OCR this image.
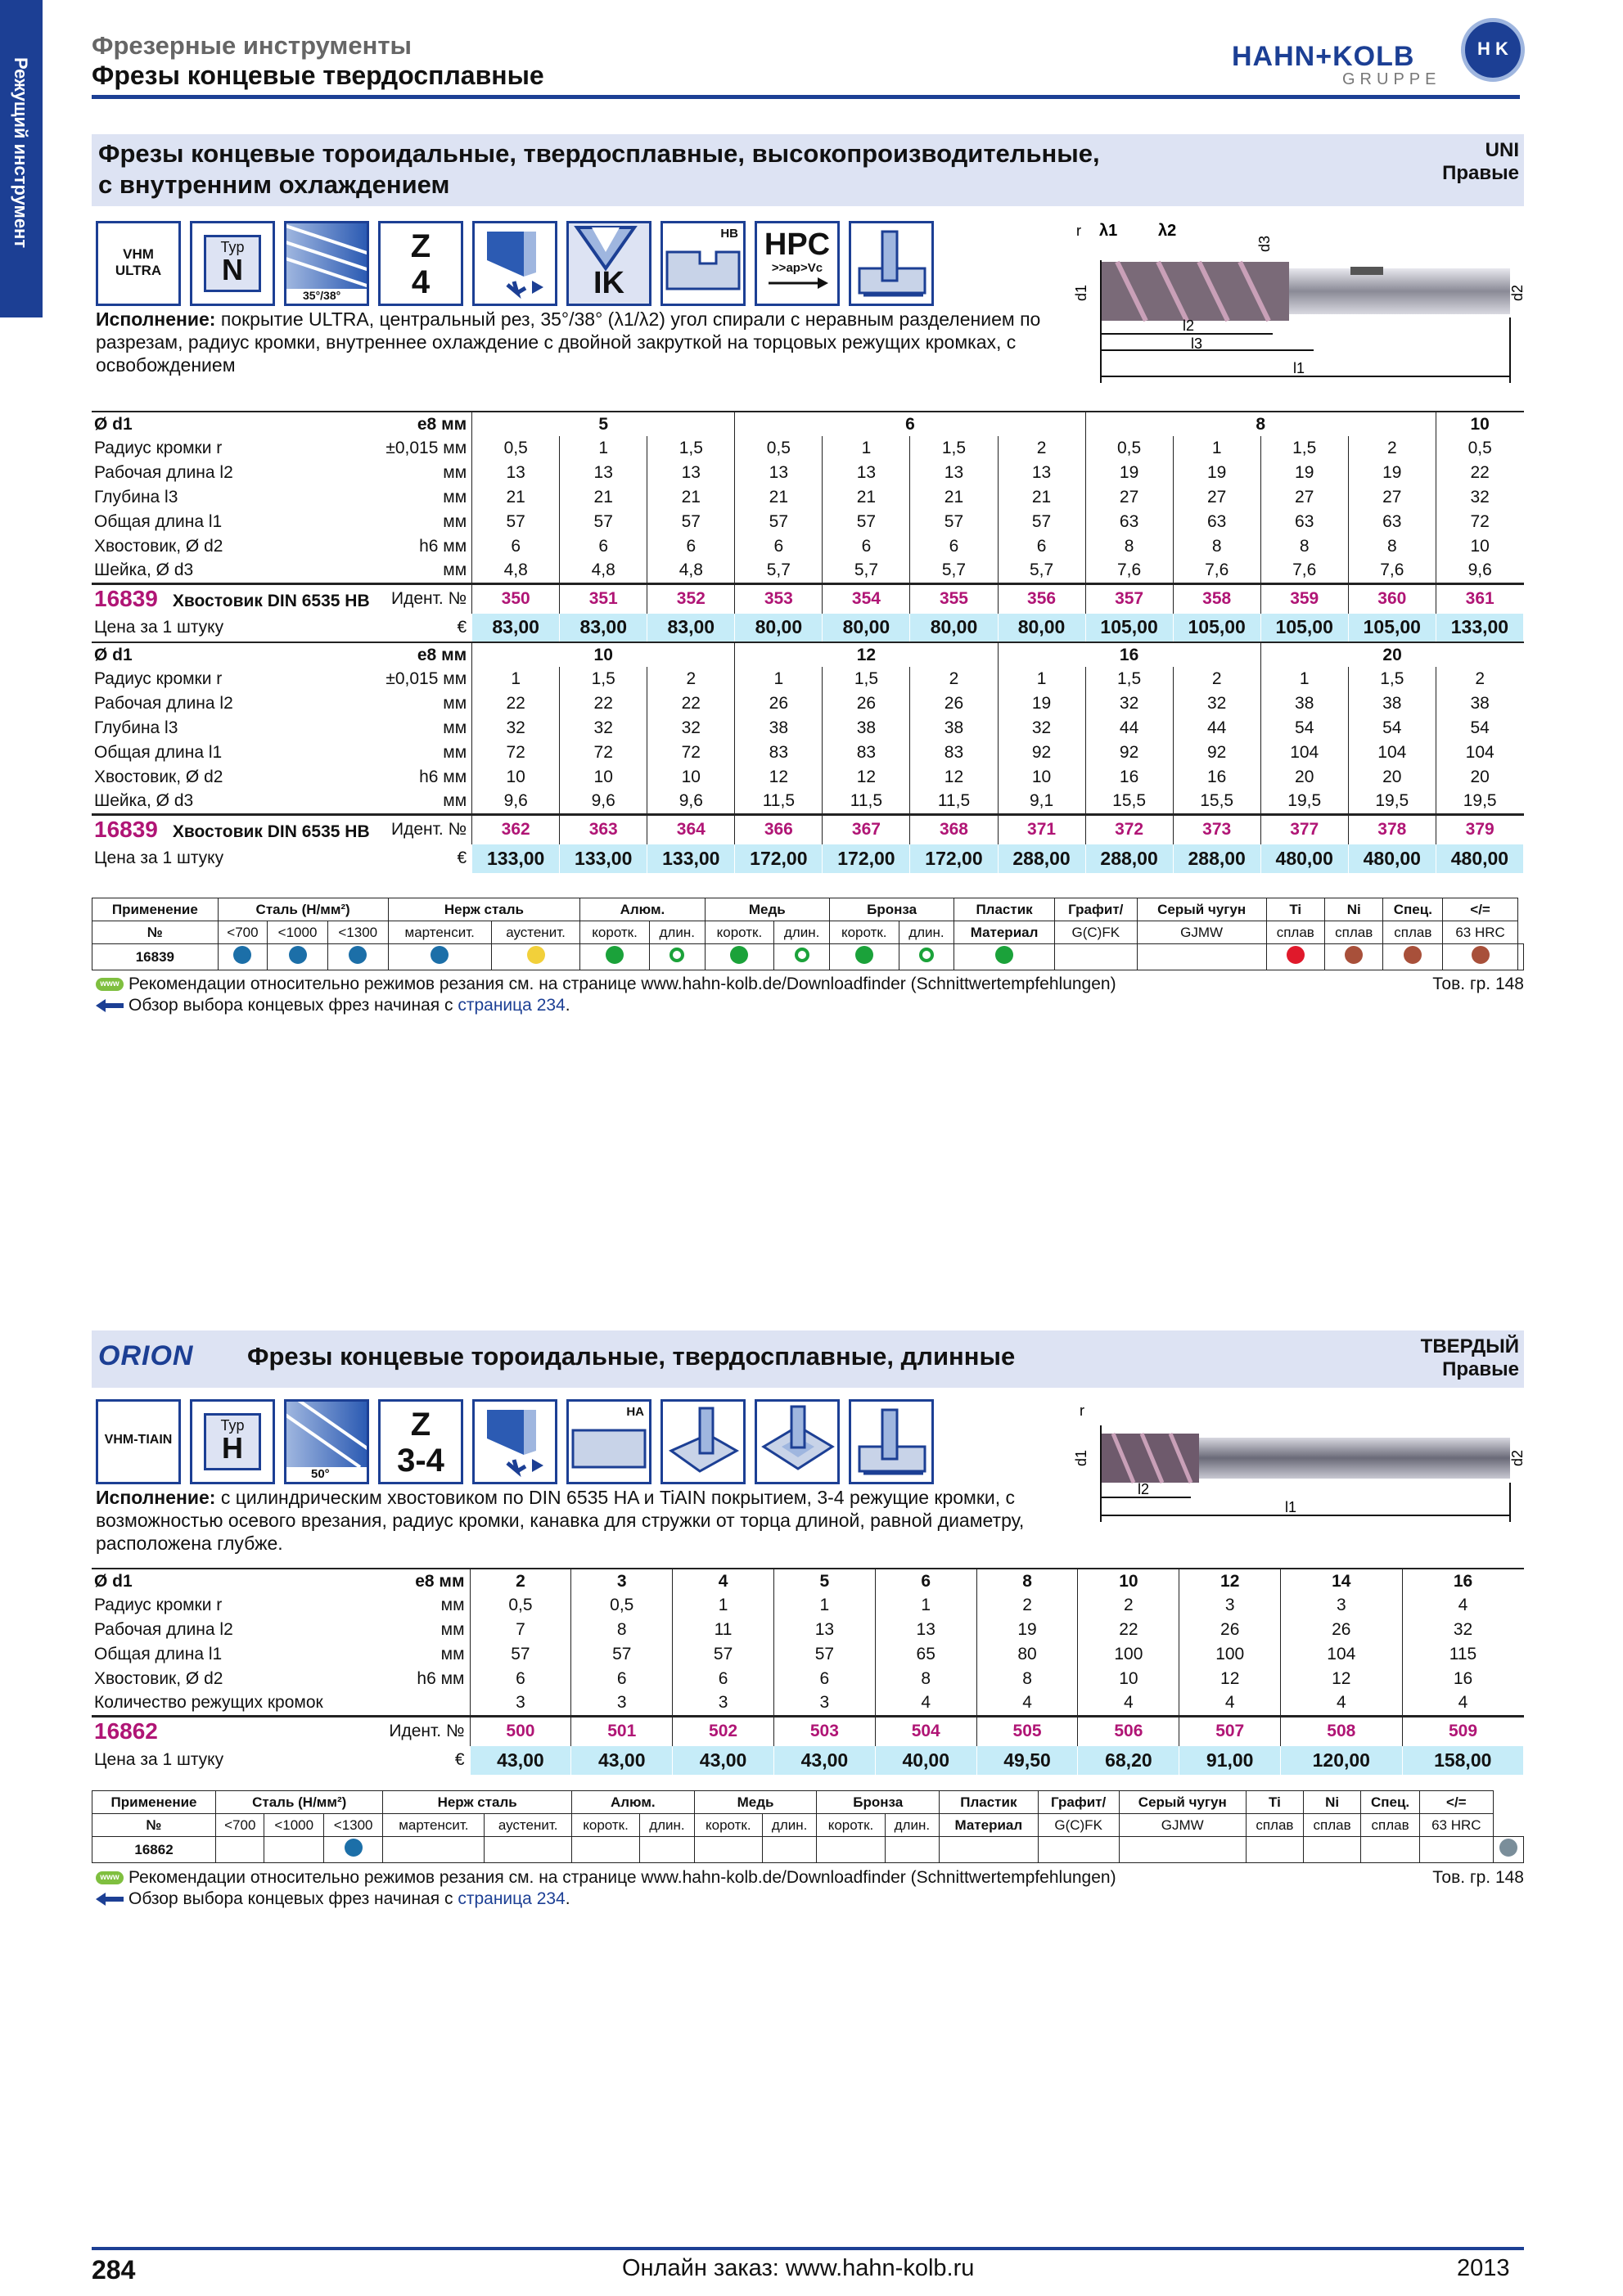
Режущий инструмент
Фрезерные инструменты
Фрезы концевые твердосплавные
HAHN+KOLB
GRUPPE
H K
Фрезы концевые тороидальные, твердосплавные, высокопроизводительные,
с внутренним охлаждением
UNI
Правые
VHM
ULTRA
Typ
N
35°/38°
Z
4	IK
HB HPC
>>ap>Vc
Исполнение: покрытие ULTRA, центральный рез, 35°/38° (λ1/λ2) угол спирали с неравным разделением по разрезам, радиус кромки, внутреннее охлаждение с двойной закруткой на торцовых режущих кромках, с освобождением
r λ1 λ2
d3
d1	d2
l2
l3
l1
Ø d1	e8 мм	5			6				8				10
Радиус кромки r	±0,015 мм	0,5	1	1,5	0,5	1	1,5	2	0,5	1	1,5	2	0,5
Рабочая длина l2	мм	13	13	13	13	13	13	13	19	19	19	19	22
Глубина l3	мм	21	21	21	21	21	21	21	27	27	27	27	32
Общая длина l1	мм	57	57	57	57	57	57	57	63	63	63	63	72
Хвостовик, Ø d2	h6 мм	6	6	6	6	6	6	6	8	8	8	8	10
Шейка, Ø d3	мм	4,8	4,8	4,8	5,7	5,7	5,7	5,7	7,6	7,6	7,6	7,6	9,6
16839 Хвостовик DIN 6535 HB	Идент. №	350	351	352	353	354	355	356	357	358	359	360	361
Цена за 1 штуку	€	83,00	83,00	83,00	80,00	80,00	80,00	80,00	105,00	105,00	105,00	105,00	133,00
Ø d1	e8 мм	10			12			16			20		
Радиус кромки r	±0,015 мм	1	1,5	2	1	1,5	2	1	1,5	2	1	1,5	2
Рабочая длина l2	мм	22	22	22	26	26	26	19	32	32	38	38	38
Глубина l3	мм	32	32	32	38	38	38	32	44	44	54	54	54
Общая длина l1	мм	72	72	72	83	83	83	92	92	92	104	104	104
Хвостовик, Ø d2	h6 мм	10	10	10	12	12	12	10	16	16	20	20	20
Шейка, Ø d3	мм	9,6	9,6	9,6	11,5	11,5	11,5	9,1	15,5	15,5	19,5	19,5	19,5
16839 Хвостовик DIN 6535 HB	Идент. №	362	363	364	366	367	368	371	372	373	377	378	379
Цена за 1 штуку	€	133,00	133,00	133,00	172,00	172,00	172,00	288,00	288,00	288,00	480,00	480,00	480,00
Применение	Сталь (Н/мм²)			Нерж сталь		Алюм.		Медь		Бронза		Пластик	Графит/	Серый чугун	Ti	Ni	Спец.	</=	
№	<700	<1000	<1300	мартенсит.	аустенит.	коротк.	длин.	коротк.	длин.	коротк.	длин.	Материал	G(C)FK	GJMW	сплав	сплав	сплав	63 HRC	
16839																			
www Рекомендации относительно режимов резания см. на странице www.hahn-kolb.de/Downloadfinder (Schnittwertempfehlungen)	Тов. гр. 148
Обзор выбора концевых фрез начиная с страница 234.
ORION Фрезы концевые тороидальные, твердосплавные, длинные	ТВЕРДЫЙ
Правые
VHM-TIAIN
Typ
H
50°
Z
3-4
HA
Исполнение: с цилиндрическим хвостовиком по DIN 6535 HA и TiAIN покрытием, 3-4 режущие кромки, с возможностью осевого врезания, радиус кромки, канавка для стружки от торца длиной, равной диаметру, расположена глубже.
r
d1	d2
l2
l1
Ø d1	e8 мм	2	3	4	5	6	8	10	12	14	16
Радиус кромки r	мм	0,5	0,5	1	1	1	2	2	3	3	4
Рабочая длина l2	мм	7	8	11	13	13	19	22	26	26	32
Общая длина l1	мм	57	57	57	57	65	80	100	100	104	115
Хвостовик, Ø d2	h6 мм	6	6	6	6	8	8	10	12	12	16
Количество режущих кромок		3	3	3	3	4	4	4	4	4	4
16862	Идент. №	500	501	502	503	504	505	506	507	508	509
Цена за 1 штуку	€	43,00	43,00	43,00	43,00	40,00	49,50	68,20	91,00	120,00	158,00
Применение	Сталь (Н/мм²)			Нерж сталь		Алюм.		Медь		Бронза		Пластик	Графит/	Серый чугун	Ti	Ni	Спец.	</=	
№	<700	<1000	<1300	мартенсит.	аустенит.	коротк.	длин.	коротк.	длин.	коротк.	длин.	Материал	G(C)FK	GJMW	сплав	сплав	сплав	63 HRC	
16862																			
www Рекомендации относительно режимов резания см. на странице www.hahn-kolb.de/Downloadfinder (Schnittwertempfehlungen)	Тов. гр. 148
Обзор выбора концевых фрез начиная с страница 234.
284	Онлайн заказ: www.hahn-kolb.ru	2013
